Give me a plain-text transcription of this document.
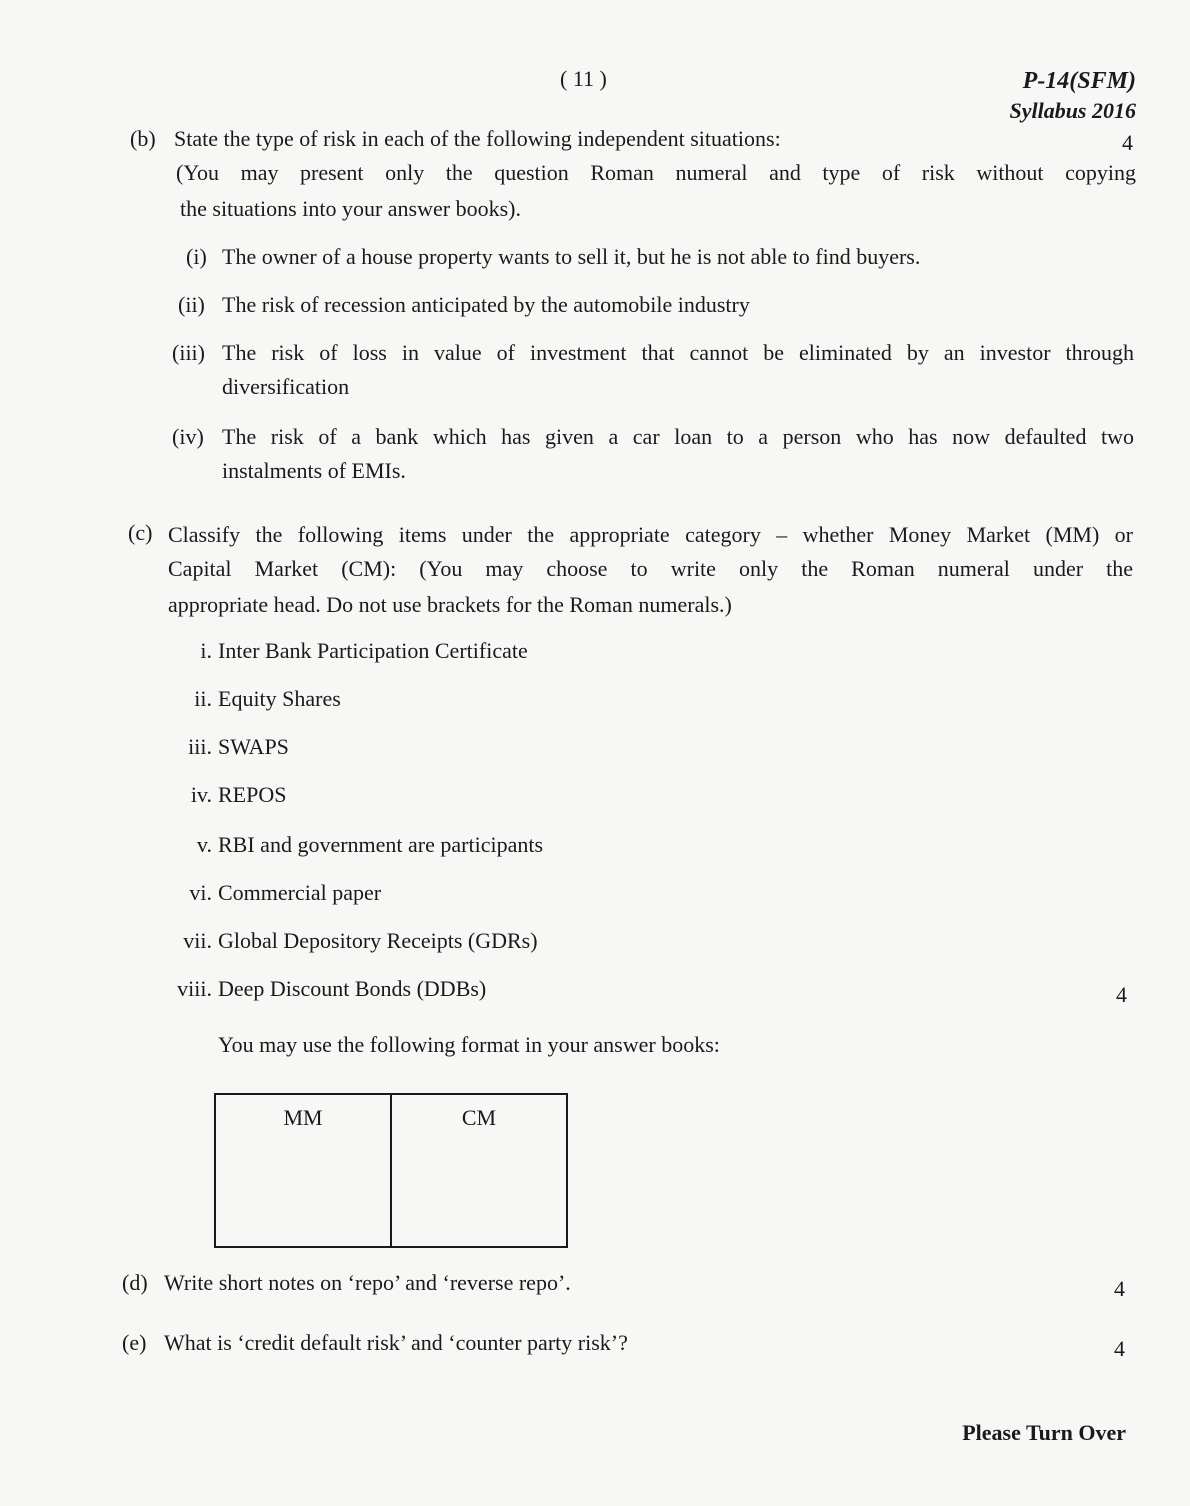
( 11 )	P-14(SFM)
Syllabus 2016
(b) State the type of risk in each of the following independent situations:	4
(You may present only the question Roman numeral and type of risk without copying
the situations into your answer books).
(i) The owner of a house property wants to sell it, but he is not able to find buyers.
(ii) The risk of recession anticipated by the automobile industry
(iii) The risk of loss in value of investment that cannot be eliminated by an investor through
diversification
(iv) The risk of a bank which has given a car loan to a person who has now defaulted two
instalments of EMIs.
(c) Classify the following items under the appropriate category – whether Money Market (MM) or
Capital Market (CM): (You may choose to write only the Roman numeral under the
appropriate head. Do not use brackets for the Roman numerals.)
i. Inter Bank Participation Certificate
ii. Equity Shares
iii. SWAPS
iv. REPOS
v. RBI and government are participants
vi. Commercial paper
vii. Global Depository Receipts (GDRs)
viii. Deep Discount Bonds (DDBs)	4
You may use the following format in your answer books:
MM	CM
(d) Write short notes on ‘repo’ and ‘reverse repo’.	4
(e) What is ‘credit default risk’ and ‘counter party risk’?	4
Please Turn Over
